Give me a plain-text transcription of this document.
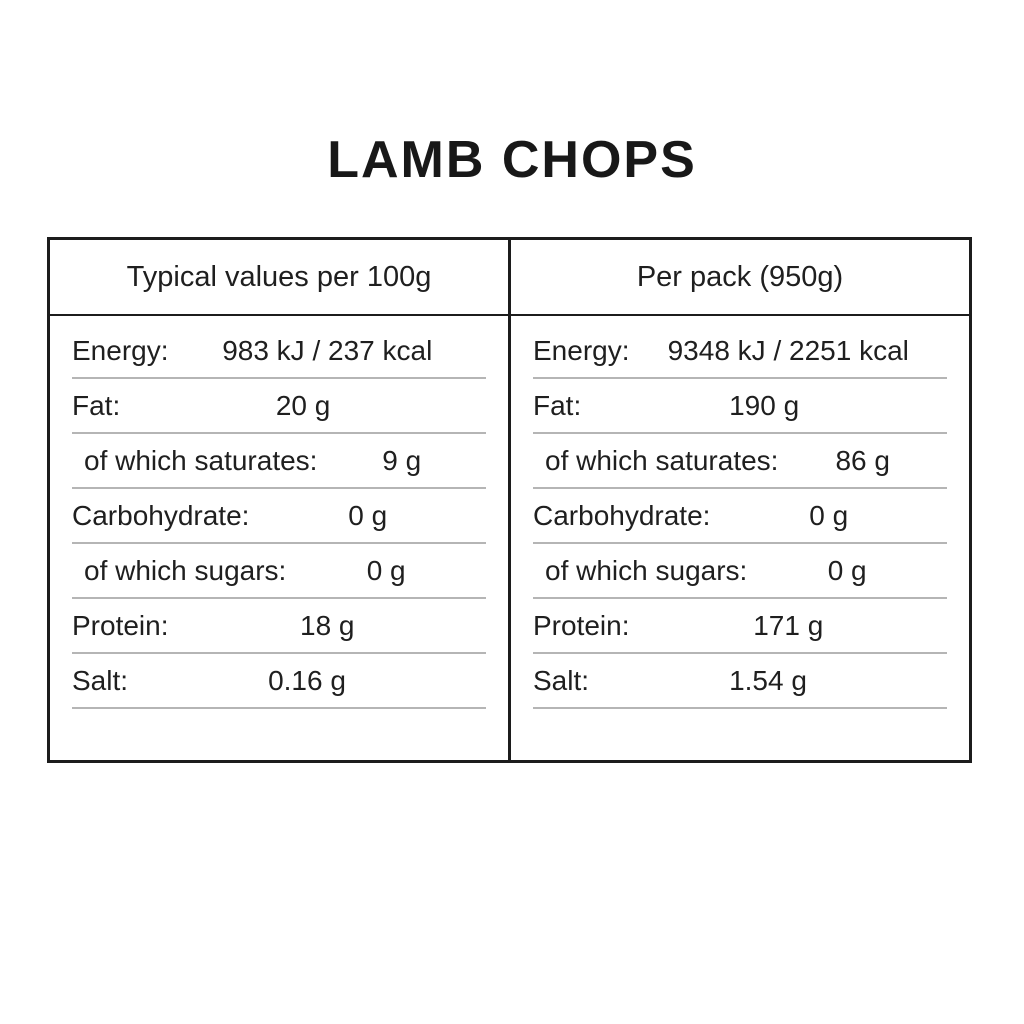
LAMB CHOPS
Typical values per 100g
Energy:	983 kJ / 237 kcal
Fat:	20 g
of which saturates:	9 g
Carbohydrate:	0 g
of which sugars:	0 g
Protein:	18 g
Salt:	0.16 g
Per pack (950g)
Energy:	9348 kJ / 2251 kcal
Fat:	190 g
of which saturates:	86 g
Carbohydrate:	0 g
of which sugars:	0 g
Protein:	171 g
Salt:	1.54 g
